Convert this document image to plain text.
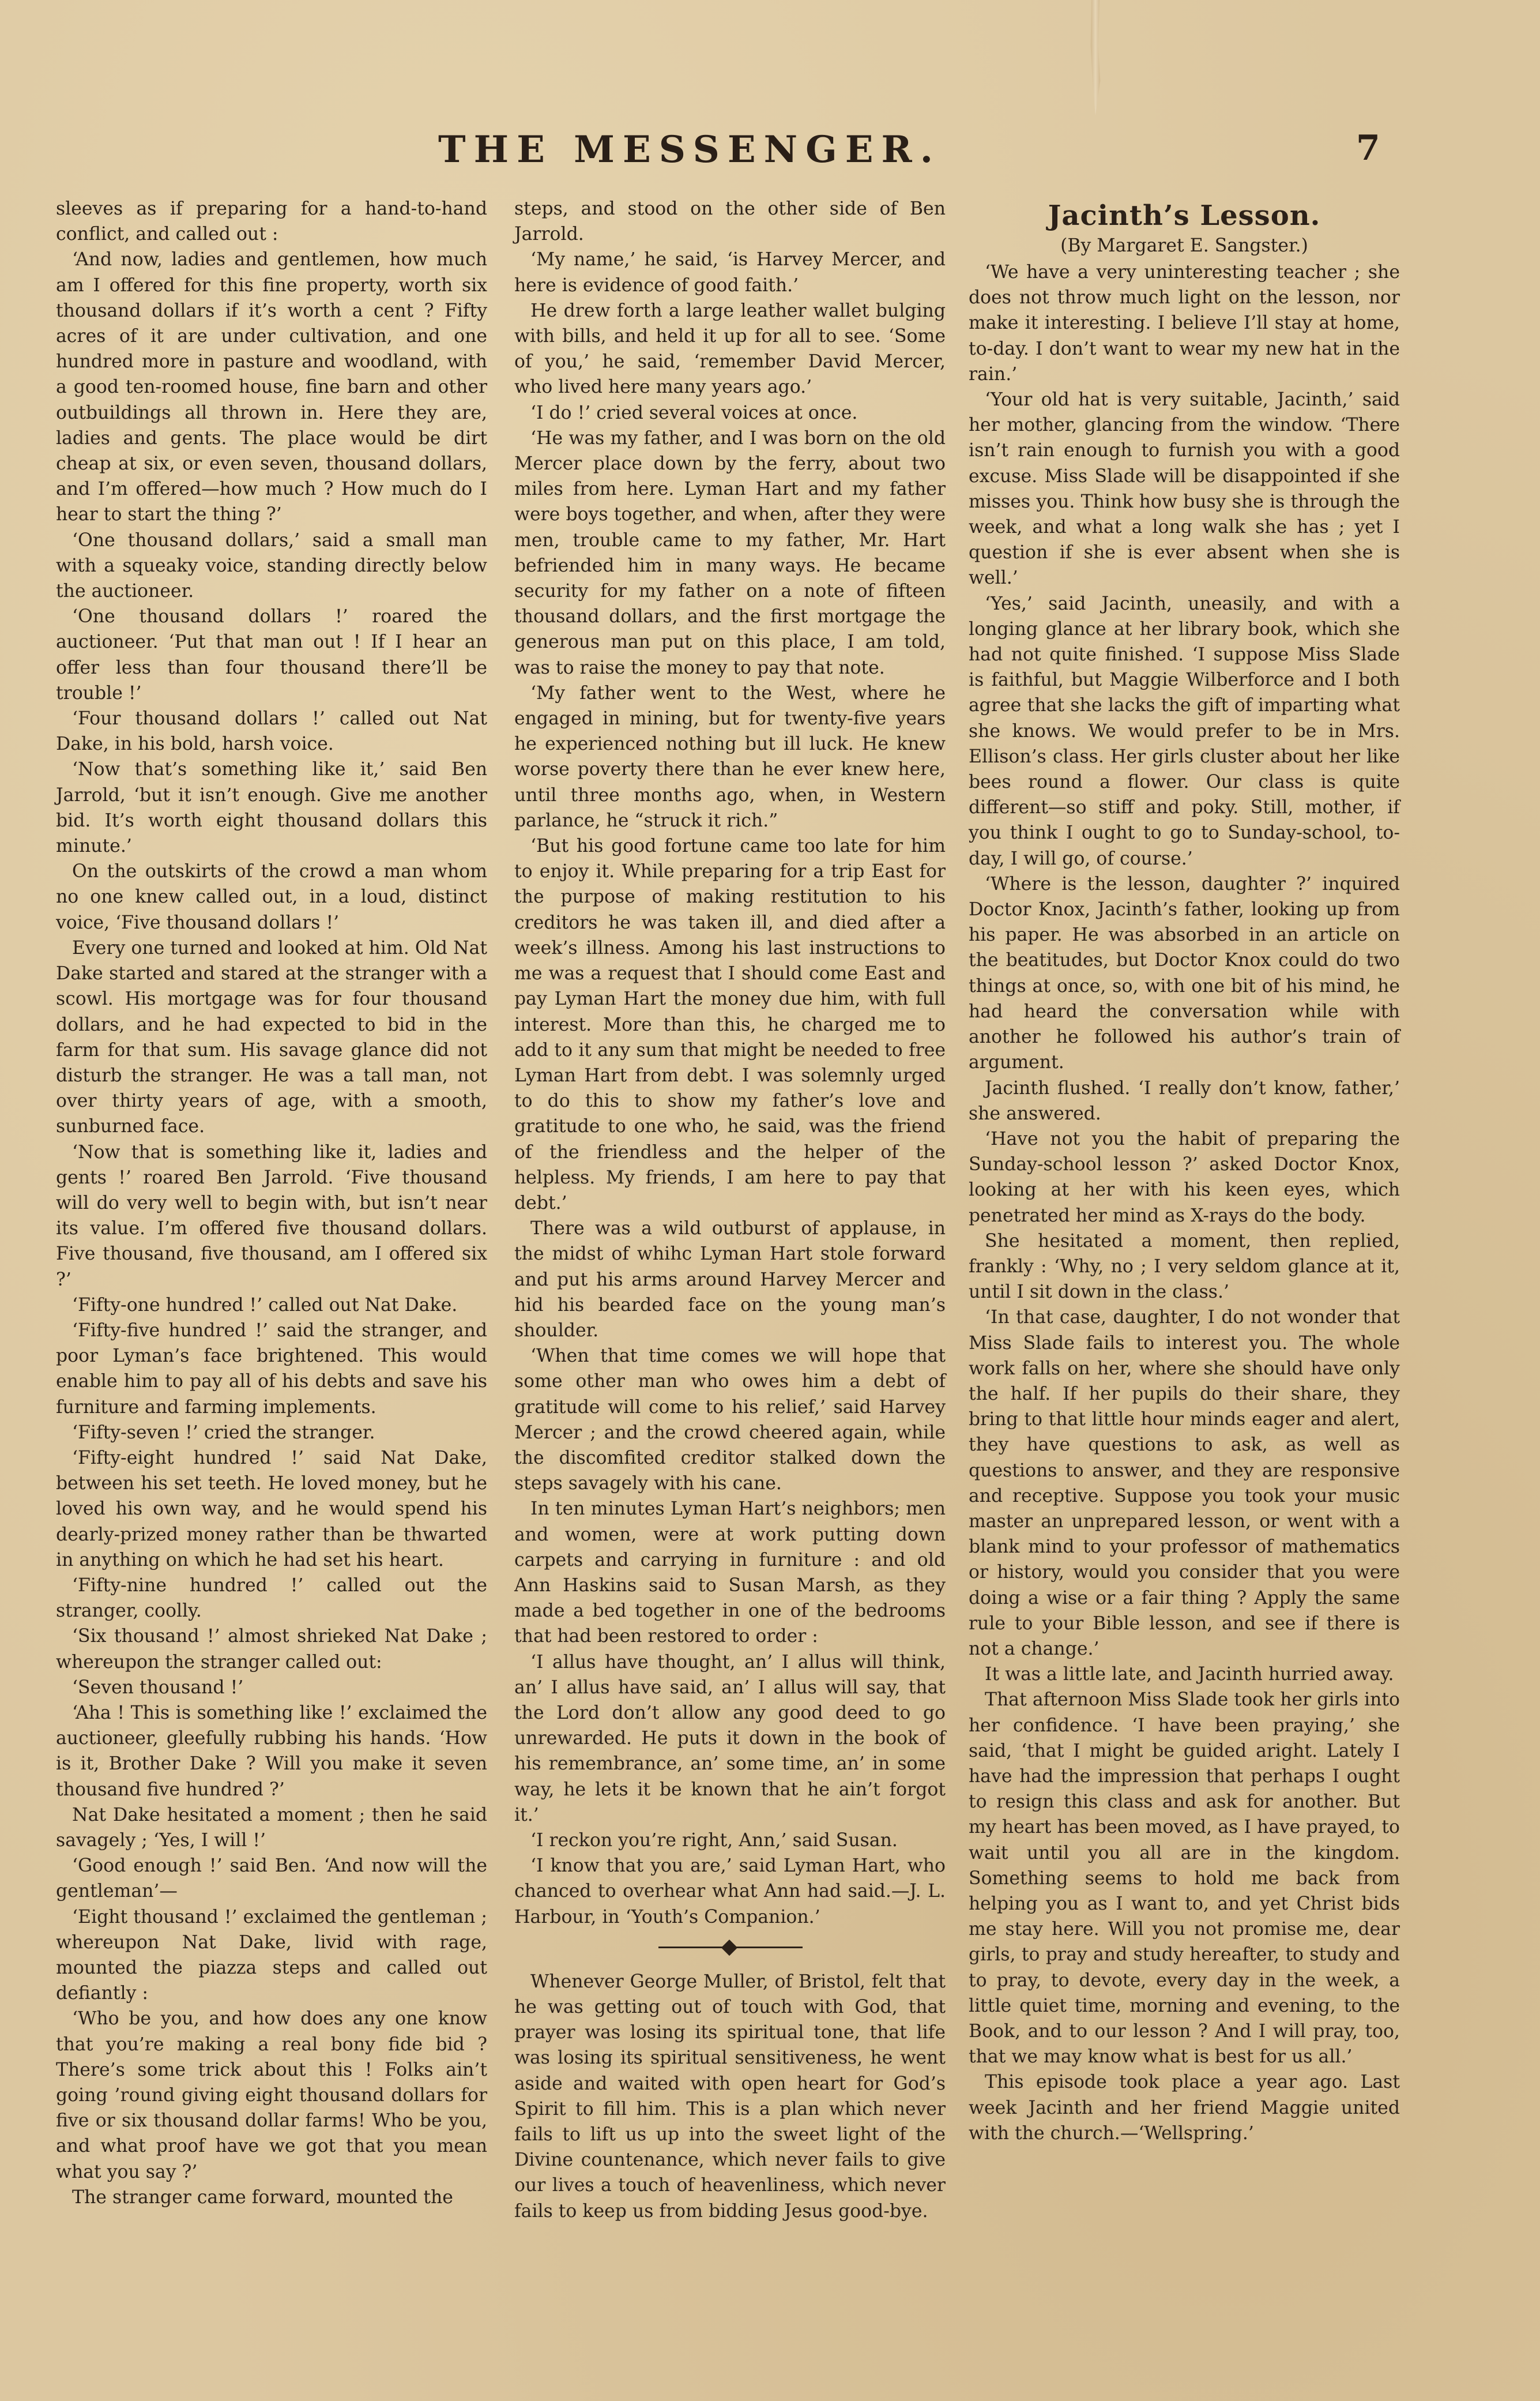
THE MESSENGER.	7

sleeves as if preparing for a hand-to-hand conflict, and called out :

‘And now, ladies and gentlemen, how much am I offered for this fine property, worth six thousand dollars if it’s worth a cent ? Fifty acres of it are under cultivation, and one hundred more in pasture and woodland, with a good ten-roomed house, fine barn and other outbuildings all thrown in. Here they are, ladies and gents. The place would be dirt cheap at six, or even seven, thousand dollars, and I’m offered—how much ? How much do I hear to start the thing ?’

‘One thousand dollars,’ said a small man with a squeaky voice, standing directly below the auctioneer.

‘One thousand dollars !’ roared the auctioneer. ‘Put that man out ! If I hear an offer less than four thousand there’ll be trouble !’

‘Four thousand dollars !’ called out Nat Dake, in his bold, harsh voice.

‘Now that’s something like it,’ said Ben Jarrold, ‘but it isn’t enough. Give me another bid. It’s worth eight thousand dollars this minute.’

On the outskirts of the crowd a man whom no one knew called out, in a loud, distinct voice, ‘Five thousand dollars !’

Every one turned and looked at him. Old Nat Dake started and stared at the stranger with a scowl. His mortgage was for four thousand dollars, and he had expected to bid in the farm for that sum. His savage glance did not disturb the stranger. He was a tall man, not over thirty years of age, with a smooth, sunburned face.

‘Now that is something like it, ladies and gents !’ roared Ben Jarrold. ‘Five thousand will do very well to begin with, but isn’t near its value. I’m offered five thousand dollars. Five thousand, five thousand, am I offered six ?’

‘Fifty-one hundred !’ called out Nat Dake.

‘Fifty-five hundred !’ said the stranger, and poor Lyman’s face brightened. This would enable him to pay all of his debts and save his furniture and farming implements.

‘Fifty-seven !’ cried the stranger.

‘Fifty-eight hundred !’ said Nat Dake, between his set teeth. He loved money, but he loved his own way, and he would spend his dearly-prized money rather than be thwarted in anything on which he had set his heart.

‘Fifty-nine hundred !’ called out the stranger, coolly.

‘Six thousand !’ almost shrieked Nat Dake ; whereupon the stranger called out:

‘Seven thousand !’

‘Aha ! This is something like !’ exclaimed the auctioneer, gleefully rubbing his hands. ‘How is it, Brother Dake ? Will you make it seven thousand five hundred ?’

Nat Dake hesitated a moment ; then he said savagely ; ‘Yes, I will !’

‘Good enough !’ said Ben. ‘And now will the gentleman’—

‘Eight thousand !’ exclaimed the gentleman ; whereupon Nat Dake, livid with rage, mounted the piazza steps and called out defiantly :

‘Who be you, and how does any one know that you’re making a real bony fide bid ? There’s some trick about this ! Folks ain’t going ’round giving eight thousand dollars for five or six thousand dollar farms! Who be you, and what proof have we got that you mean what you say ?’

The stranger came forward, mounted the

steps, and stood on the other side of Ben Jarrold.

‘My name,’ he said, ‘is Harvey Mercer, and here is evidence of good faith.’

He drew forth a large leather wallet bulging with bills, and held it up for all to see. ‘Some of you,’ he said, ‘remember David Mercer, who lived here many years ago.’

‘I do !’ cried several voices at once.

‘He was my father, and I was born on the old Mercer place down by the ferry, about two miles from here. Lyman Hart and my father were boys together, and when, after they were men, trouble came to my father, Mr. Hart befriended him in many ways. He became security for my father on a note of fifteen thousand dollars, and the first mortgage the generous man put on this place, I am told, was to raise the money to pay that note.

‘My father went to the West, where he engaged in mining, but for twenty-five years he experienced nothing but ill luck. He knew worse poverty there than he ever knew here, until three months ago, when, in Western parlance, he “struck it rich.”

‘But his good fortune came too late for him to enjoy it. While preparing for a trip East for the purpose of making restitution to his creditors he was taken ill, and died after a week’s illness. Among his last instructions to me was a request that I should come East and pay Lyman Hart the money due him, with full interest. More than this, he charged me to add to it any sum that might be needed to free Lyman Hart from debt. I was solemnly urged to do this to show my father’s love and gratitude to one who, he said, was the friend of the friendless and the helper of the helpless. My friends, I am here to pay that debt.’

There was a wild outburst of applause, in the midst of whihc Lyman Hart stole forward and put his arms around Harvey Mercer and hid his bearded face on the young man’s shoulder.

‘When that time comes we will hope that some other man who owes him a debt of gratitude will come to his relief,’ said Harvey Mercer ; and the crowd cheered again, while the discomfited creditor stalked down the steps savagely with his cane.

In ten minutes Lyman Hart’s neighbors; men and women, were at work putting down carpets and carrying in furniture : and old Ann Haskins said to Susan Marsh, as they made a bed together in one of the bedrooms that had been restored to order :

‘I allus have thought, an’ I allus will think, an’ I allus have said, an’ I allus will say, that the Lord don’t allow any good deed to go unrewarded. He puts it down in the book of his remembrance, an’ some time, an’ in some way, he lets it be known that he ain’t forgot it.’

‘I reckon you’re right, Ann,’ said Susan.

‘I know that you are,’ said Lyman Hart, who chanced to overhear what Ann had said.—J. L. Harbour, in ‘Youth’s Companion.’

Whenever George Muller, of Bristol, felt that he was getting out of touch with God, that prayer was losing its spiritual tone, that life was losing its spiritual sensitiveness, he went aside and waited with open heart for God’s Spirit to fill him. This is a plan which never fails to lift us up into the sweet light of the Divine countenance, which never fails to give our lives a touch of heavenliness, which never fails to keep us from bidding Jesus good-bye.

Jacinth’s Lesson.
(By Margaret E. Sangster.)

‘We have a very uninteresting teacher ; she does not throw much light on the lesson, nor make it interesting. I believe I’ll stay at home, to-day. I don’t want to wear my new hat in the rain.’

‘Your old hat is very suitable, Jacinth,’ said her mother, glancing from the window. ‘There isn’t rain enough to furnish you with a good excuse. Miss Slade will be disappointed if she misses you. Think how busy she is through the week, and what a long walk she has ; yet I question if she is ever absent when she is well.’

‘Yes,’ said Jacinth, uneasily, and with a longing glance at her library book, which she had not quite finished. ‘I suppose Miss Slade is faithful, but Maggie Wilberforce and I both agree that she lacks the gift of imparting what she knows. We would prefer to be in Mrs. Ellison’s class. Her girls cluster about her like bees round a flower. Our class is quite different—so stiff and poky. Still, mother, if you think I ought to go to Sunday-school, to-day, I will go, of course.’

‘Where is the lesson, daughter ?’ inquired Doctor Knox, Jacinth’s father, looking up from his paper. He was absorbed in an article on the beatitudes, but Doctor Knox could do two things at once, so, with one bit of his mind, he had heard the conversation while with another he followed his author’s train of argument.

Jacinth flushed. ‘I really don’t know, father,’ she answered.

‘Have not you the habit of preparing the Sunday-school lesson ?’ asked Doctor Knox, looking at her with his keen eyes, which penetrated her mind as X-rays do the body.

She hesitated a moment, then replied, frankly : ‘Why, no ; I very seldom glance at it, until I sit down in the class.’

‘In that case, daughter, I do not wonder that Miss Slade fails to interest you. The whole work falls on her, where she should have only the half. If her pupils do their share, they bring to that little hour minds eager and alert, they have questions to ask, as well as questions to answer, and they are responsive and receptive. Suppose you took your music master an unprepared lesson, or went with a blank mind to your professor of mathematics or history, would you consider that you were doing a wise or a fair thing ? Apply the same rule to your Bible lesson, and see if there is not a change.’

It was a little late, and Jacinth hurried away.

That afternoon Miss Slade took her girls into her confidence. ‘I have been praying,’ she said, ‘that I might be guided aright. Lately I have had the impression that perhaps I ought to resign this class and ask for another. But my heart has been moved, as I have prayed, to wait until you all are in the kingdom. Something seems to hold me back from helping you as I want to, and yet Christ bids me stay here. Will you not promise me, dear girls, to pray and study hereafter, to study and to pray, to devote, every day in the week, a little quiet time, morning and evening, to the Book, and to our lesson ? And I will pray, too, that we may know what is best for us all.’

This episode took place a year ago. Last week Jacinth and her friend Maggie united with the church.—‘Wellspring.’
